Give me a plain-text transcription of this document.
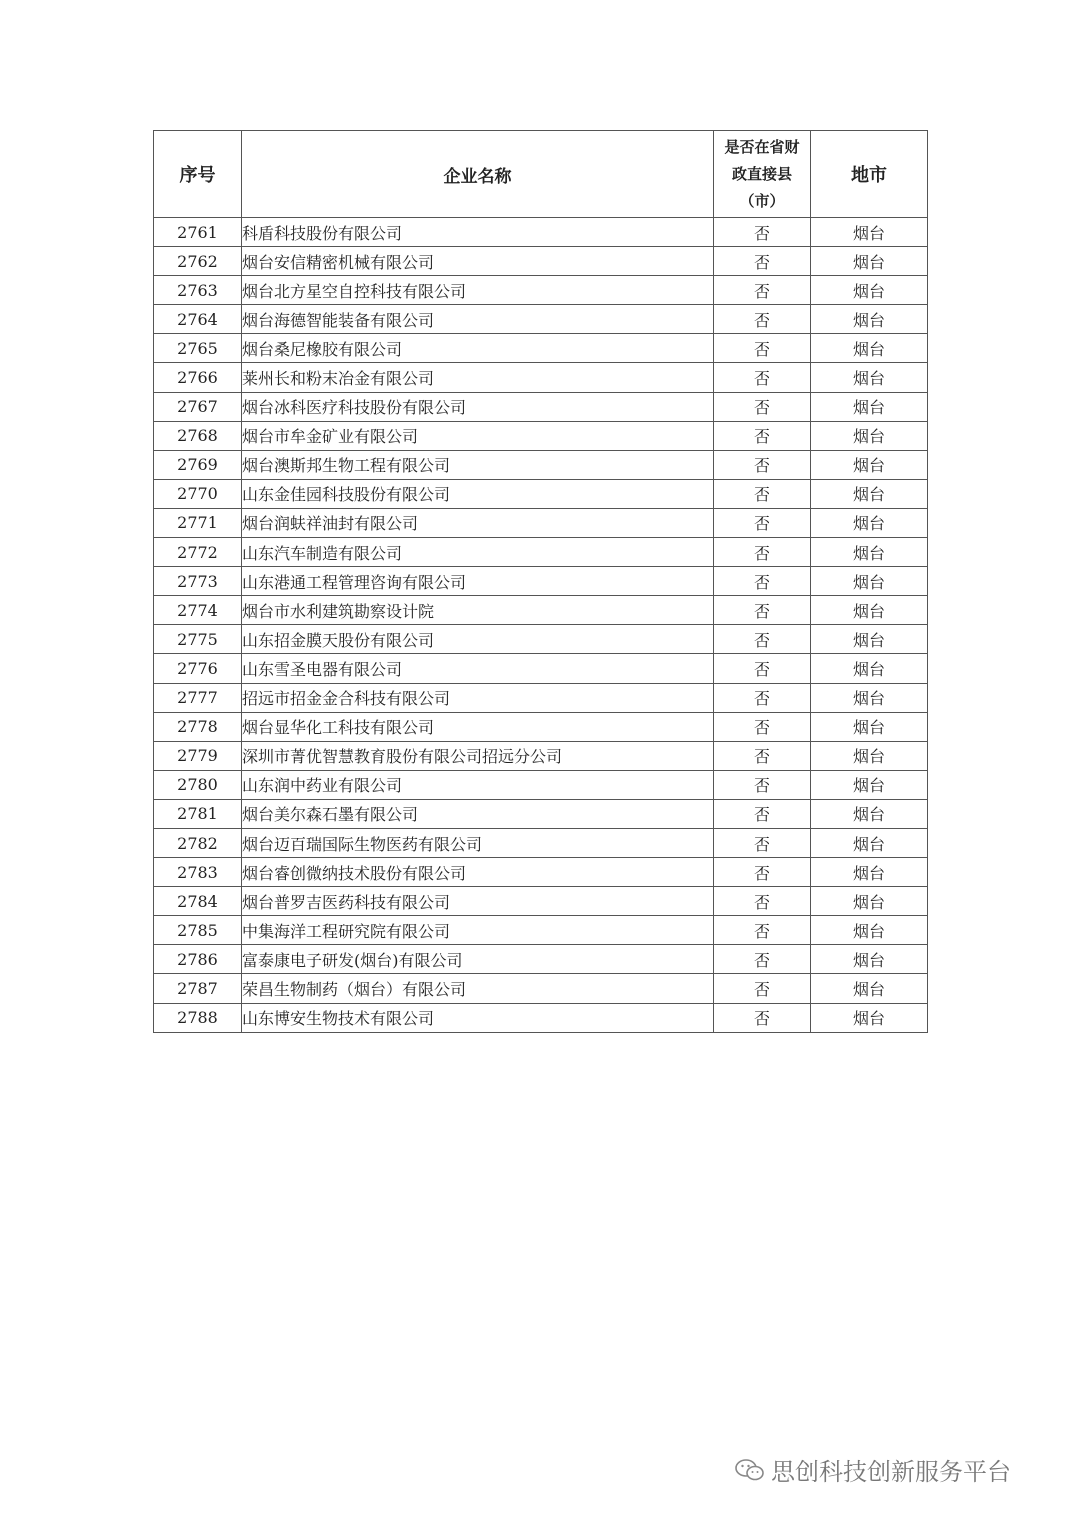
序号	企业名称	是否在省财政直接县（市）	地市
2761	科盾科技股份有限公司	否	烟台
2762	烟台安信精密机械有限公司	否	烟台
2763	烟台北方星空自控科技有限公司	否	烟台
2764	烟台海德智能装备有限公司	否	烟台
2765	烟台桑尼橡胶有限公司	否	烟台
2766	莱州长和粉末冶金有限公司	否	烟台
2767	烟台冰科医疗科技股份有限公司	否	烟台
2768	烟台市牟金矿业有限公司	否	烟台
2769	烟台澳斯邦生物工程有限公司	否	烟台
2770	山东金佳园科技股份有限公司	否	烟台
2771	烟台润蚨祥油封有限公司	否	烟台
2772	山东汽车制造有限公司	否	烟台
2773	山东港通工程管理咨询有限公司	否	烟台
2774	烟台市水利建筑勘察设计院	否	烟台
2775	山东招金膜天股份有限公司	否	烟台
2776	山东雪圣电器有限公司	否	烟台
2777	招远市招金金合科技有限公司	否	烟台
2778	烟台显华化工科技有限公司	否	烟台
2779	深圳市菁优智慧教育股份有限公司招远分公司	否	烟台
2780	山东润中药业有限公司	否	烟台
2781	烟台美尔森石墨有限公司	否	烟台
2782	烟台迈百瑞国际生物医药有限公司	否	烟台
2783	烟台睿创微纳技术股份有限公司	否	烟台
2784	烟台普罗吉医药科技有限公司	否	烟台
2785	中集海洋工程研究院有限公司	否	烟台
2786	富泰康电子研发(烟台)有限公司	否	烟台
2787	荣昌生物制药（烟台）有限公司	否	烟台
2788	山东博安生物技术有限公司	否	烟台
思创科技创新服务平台
